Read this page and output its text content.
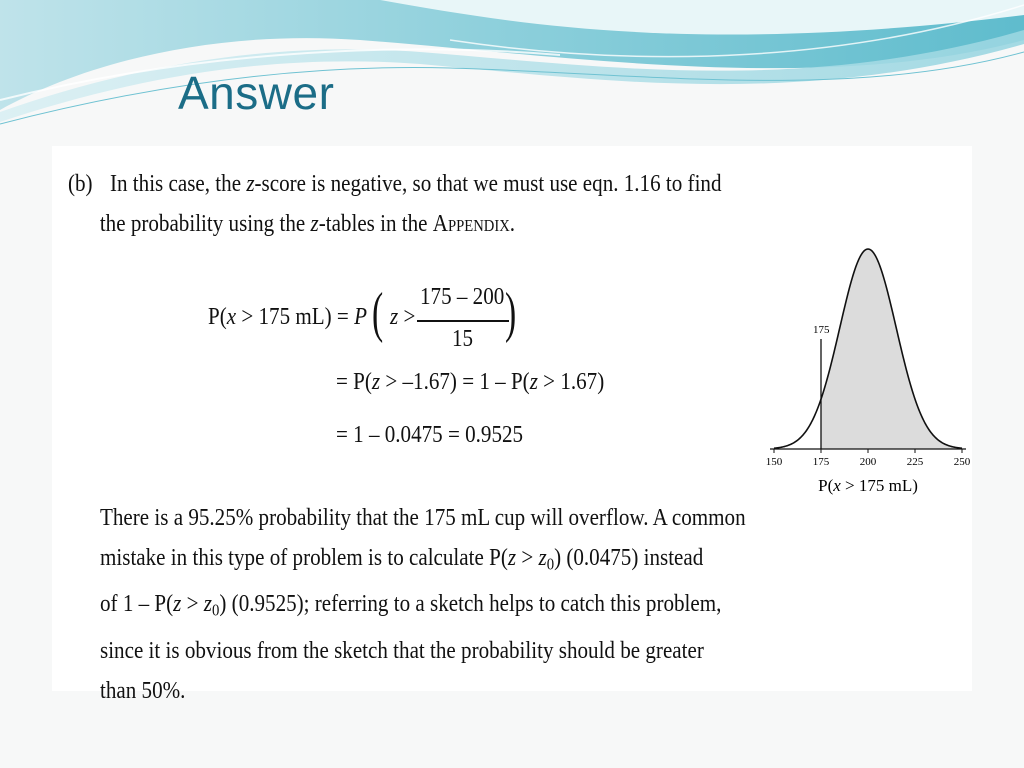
Answer
(b) In this case, the z-score is negative, so that we must use eqn. 1.16 to find
the probability using the z-tables in the Appendix.
P(x > 175 mL) = P ( z >
175 – 200
15 )
= P(z > –1.67) = 1 – P(z > 1.67)
= 1 – 0.0475 = 0.9525
There is a 95.25% probability that the 175 mL cup will overflow. A common
mistake in this type of problem is to calculate $P(z > z_0)$ (0.0475) instead
of $1 - P(z > z_0)$ (0.9525); referring to a sketch helps to catch this problem,
since it is obvious from the sketch that the probability should be greater
than 50%.
175
150	175	200	225	250
P(x > 175 mL)
